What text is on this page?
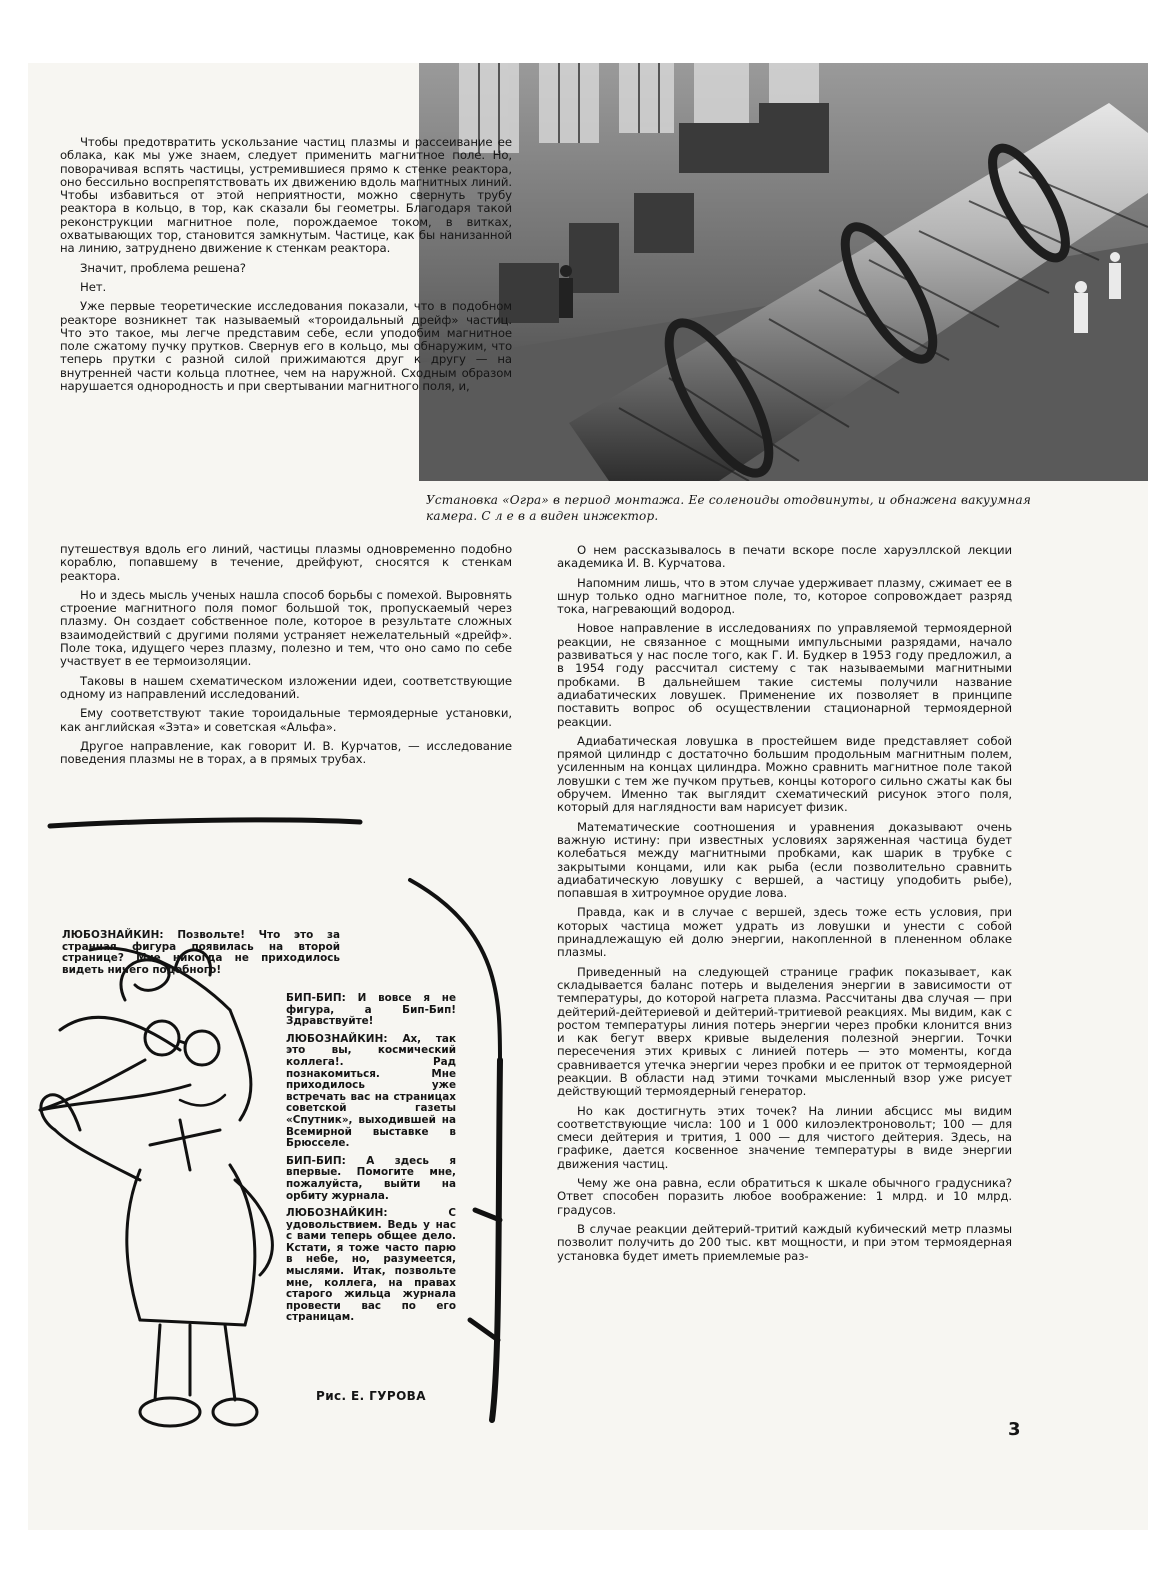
Установка «Огра» в период монтажа. Ее соленоиды отодвинуты, и обнажена вакуумная камера. С л е в а виден инжектор.

Чтобы предотвратить ускользание частиц плазмы и рассеивание ее облака, как мы уже знаем, следует применить магнитное поле. Но, поворачивая вспять частицы, устремившиеся прямо к стенке реактора, оно бессильно воспрепятствовать их движению вдоль магнитных линий. Чтобы избавиться от этой неприятности, можно свернуть трубу реактора в кольцо, в тор, как сказали бы геометры. Благодаря такой реконструкции магнитное поле, порождаемое током, в витках, охватывающих тор, становится замкнутым. Частице, как бы нанизанной на линию, затруднено движение к стенкам реактора.

Значит, проблема решена?

Нет.

Уже первые теоретические исследования показали, что в подобном реакторе возникнет так называемый «тороидальный дрейф» частиц. Что это такое, мы легче представим себе, если уподобим магнитное поле сжатому пучку прутков. Свернув его в кольцо, мы обнаружим, что теперь прутки с разной силой прижимаются друг к другу — на внутренней части кольца плотнее, чем на наружной. Сходным образом нарушается однородность и при свертывании магнитного поля, и,

путешествуя вдоль его линий, частицы плазмы одновременно подобно кораблю, попавшему в течение, дрейфуют, сносятся к стенкам реактора.

Но и здесь мысль ученых нашла способ борьбы с помехой. Выровнять строение магнитного поля помог большой ток, пропускаемый через плазму. Он создает собственное поле, которое в результате сложных взаимодействий с другими полями устраняет нежелательный «дрейф». Поле тока, идущего через плазму, полезно и тем, что оно само по себе участвует в ее термоизоляции.

Таковы в нашем схематическом изложении идеи, соответствующие одному из направлений исследований.

Ему соответствуют такие тороидальные термоядерные установки, как английская «Зэта» и советская «Альфа».

Другое направление, как говорит И. В. Курчатов, — исследование поведения плазмы не в торах, а в прямых трубах.

О нем рассказывалось в печати вскоре после харуэллской лекции академика И. В. Курчатова.

Напомним лишь, что в этом случае удерживает плазму, сжимает ее в шнур только одно магнитное поле, то, которое сопровождает разряд тока, нагревающий водород.

Новое направление в исследованиях по управляемой термоядерной реакции, не связанное с мощными импульсными разрядами, начало развиваться у нас после того, как Г. И. Будкер в 1953 году предложил, а в 1954 году рассчитал систему с так называемыми магнитными пробками. В дальнейшем такие системы получили название адиабатических ловушек. Применение их позволяет в принципе поставить вопрос об осуществлении стационарной термоядерной реакции.

Адиабатическая ловушка в простейшем виде представляет собой прямой цилиндр с достаточно большим продольным магнитным полем, усиленным на концах цилиндра. Можно сравнить магнитное поле такой ловушки с тем же пучком прутьев, концы которого сильно сжаты как бы обручем. Именно так выглядит схематический рисунок этого поля, который для наглядности вам нарисует физик.

Математические соотношения и уравнения доказывают очень важную истину: при известных условиях заряженная частица будет колебаться между магнитными пробками, как шарик в трубке с закрытыми концами, или как рыба (если позволительно сравнить адиабатическую ловушку с вершей, а частицу уподобить рыбе), попавшая в хитроумное орудие лова.

Правда, как и в случае с вершей, здесь тоже есть условия, при которых частица может удрать из ловушки и унести с собой принадлежащую ей долю энергии, накопленной в плененном облаке плазмы.

Приведенный на следующей странице график показывает, как складывается баланс потерь и выделения энергии в зависимости от температуры, до которой нагрета плазма. Рассчитаны два случая — при дейтерий-дейтериевой и дейтерий-тритиевой реакциях. Мы видим, как с ростом температуры линия потерь энергии через пробки клонится вниз и как бегут вверх кривые выделения полезной энергии. Точки пересечения этих кривых с линией потерь — это моменты, когда сравнивается утечка энергии через пробки и ее приток от термоядерной реакции. В области над этими точками мысленный взор уже рисует действующий термоядерный генератор.

Но как достигнуть этих точек? На линии абсцисс мы видим соответствующие числа: 100 и 1 000 килоэлектроновольт; 100 — для смеси дейтерия и трития, 1 000 — для чистого дейтерия. Здесь, на графике, дается косвенное значение температуры в виде энергии движения частиц.

Чему же она равна, если обратиться к шкале обычного градусника? Ответ способен поразить любое воображение: 1 млрд. и 10 млрд. градусов.

В случае реакции дейтерий-тритий каждый кубический метр плазмы позволит получить до 200 тыс. квт мощности, и при этом термоядерная установка будет иметь приемлемые раз-

ЛЮБОЗНАЙКИН: Позвольте! Что это за странная фигура появилась на второй странице? Мне никогда не приходилось видеть ничего подобного!

БИП-БИП: И вовсе я не фигура, а Бип-Бип! Здравствуйте!

ЛЮБОЗНАЙКИН: Ах, так это вы, космический коллега!. Рад познакомиться. Мне приходилось уже встречать вас на страницах советской газеты «Спутник», выходившей на Всемирной выставке в Брюсселе.

БИП-БИП: А здесь я впервые. Помогите мне, пожалуйста, выйти на орбиту журнала.

ЛЮБОЗНАЙКИН:	С удовольствием. Ведь у нас с вами теперь общее дело. Кстати, я тоже часто парю в небе, но, разумеется, мыслями. Итак, позвольте мне, коллега, на правах старого жильца журнала провести вас по его страницам.

Рис. Е. ГУРОВА
3
